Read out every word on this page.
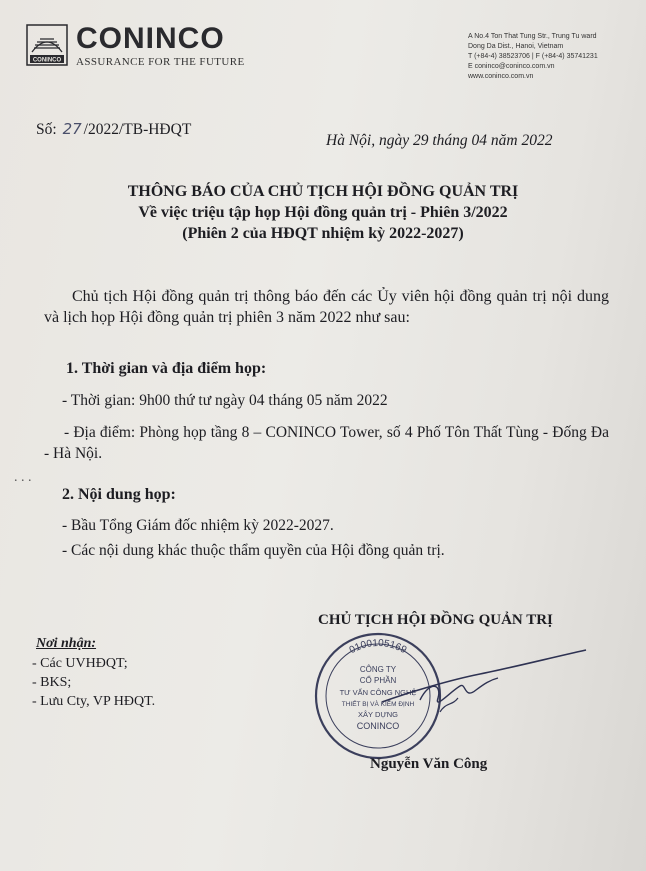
CONINCO
CONINCO
ASSURANCE FOR THE FUTURE
A No.4 Ton That Tung Str., Trung Tu ward
Dong Da Dist., Hanoi, Vietnam
T (+84-4) 38523706 | F (+84-4) 35741231
E coninco@coninco.com.vn
www.coninco.com.vn
Số: 27 /2022/TB-HĐQT
Hà Nội, ngày 29 tháng 04 năm 2022
THÔNG BÁO CỦA CHỦ TỊCH HỘI ĐỒNG QUẢN TRỊ
Về việc triệu tập họp Hội đồng quản trị - Phiên 3/2022
(Phiên 2 của HĐQT nhiệm kỳ 2022-2027)
Chủ tịch Hội đồng quản trị thông báo đến các Ủy viên hội đồng quản trị nội dung và lịch họp Hội đồng quản trị phiên 3 năm 2022 như sau:
1. Thời gian và địa điểm họp:
- Thời gian: 9h00 thứ tư ngày 04 tháng 05 năm 2022
- Địa điểm: Phòng họp tầng 8 – CONINCO Tower, số 4 Phố Tôn Thất Tùng - Đống Đa - Hà Nội.
. . .
2. Nội dung họp:
- Bầu Tổng Giám đốc nhiệm kỳ 2022-2027.
- Các nội dung khác thuộc thẩm quyền của Hội đồng quản trị.
Nơi nhận:
- Các UVHĐQT;
- BKS;
- Lưu Cty, VP HĐQT.
CHỦ TỊCH HỘI ĐỒNG QUẢN TRỊ
0100105169
CÔNG TY
CỔ PHẦN
TƯ VẤN CÔNG NGHỆ
THIẾT BỊ VÀ KIỂM ĐỊNH
XÂY DỰNG
CONINCO
Nguyễn Văn Công
